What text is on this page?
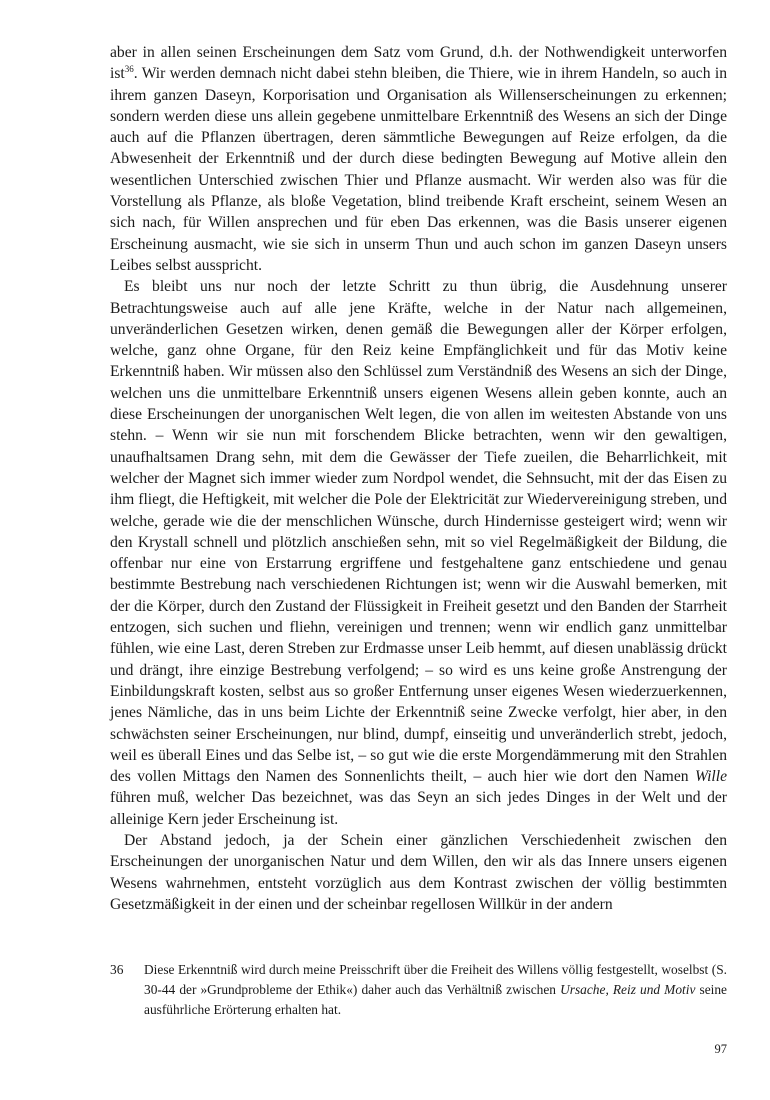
aber in allen seinen Erscheinungen dem Satz vom Grund, d.h. der Nothwendigkeit unterworfen ist$^{36}$. Wir werden demnach nicht dabei stehn bleiben, die Thiere, wie in ihrem Handeln, so auch in ihrem ganzen Daseyn, Korporisation und Organisation als Willenserscheinungen zu erkennen; sondern werden diese uns allein gegebene unmittelbare Erkenntniß des Wesens an sich der Dinge auch auf die Pflanzen übertragen, deren sämmtliche Bewegungen auf Reize erfolgen, da die Abwesenheit der Erkenntniß und der durch diese bedingten Bewegung auf Motive allein den wesentlichen Unterschied zwischen Thier und Pflanze ausmacht. Wir werden also was für die Vorstellung als Pflanze, als bloße Vegetation, blind treibende Kraft erscheint, seinem Wesen an sich nach, für Willen ansprechen und für eben Das erkennen, was die Basis unserer eigenen Erscheinung ausmacht, wie sie sich in unserm Thun und auch schon im ganzen Daseyn unsers Leibes selbst ausspricht.

Es bleibt uns nur noch der letzte Schritt zu thun übrig, die Ausdehnung unserer Betrachtungsweise auch auf alle jene Kräfte, welche in der Natur nach allgemeinen, unveränderlichen Gesetzen wirken, denen gemäß die Bewegungen aller der Körper erfolgen, welche, ganz ohne Organe, für den Reiz keine Empfänglichkeit und für das Motiv keine Erkenntniß haben. Wir müssen also den Schlüssel zum Verständniß des Wesens an sich der Dinge, welchen uns die unmittelbare Erkenntniß unsers eigenen Wesens allein geben konnte, auch an diese Erscheinungen der unorganischen Welt legen, die von allen im weitesten Abstande von uns stehn. – Wenn wir sie nun mit forschendem Blicke betrachten, wenn wir den gewaltigen, unaufhaltsamen Drang sehn, mit dem die Gewässer der Tiefe zueilen, die Beharrlichkeit, mit welcher der Magnet sich immer wieder zum Nordpol wendet, die Sehnsucht, mit der das Eisen zu ihm fliegt, die Heftigkeit, mit welcher die Pole der Elektricität zur Wiedervereinigung streben, und welche, gerade wie die der menschlichen Wünsche, durch Hindernisse gesteigert wird; wenn wir den Krystall schnell und plötzlich anschießen sehn, mit so viel Regelmäßigkeit der Bildung, die offenbar nur eine von Erstarrung ergriffene und festgehaltene ganz entschiedene und genau bestimmte Bestrebung nach verschiedenen Richtungen ist; wenn wir die Auswahl bemerken, mit der die Körper, durch den Zustand der Flüssigkeit in Freiheit gesetzt und den Banden der Starrheit entzogen, sich suchen und fliehn, vereinigen und trennen; wenn wir endlich ganz unmittelbar fühlen, wie eine Last, deren Streben zur Erdmasse unser Leib hemmt, auf diesen unablässig drückt und drängt, ihre einzige Bestrebung verfolgend; – so wird es uns keine große Anstrengung der Einbildungskraft kosten, selbst aus so großer Entfernung unser eigenes Wesen wiederzuerkennen, jenes Nämliche, das in uns beim Lichte der Erkenntniß seine Zwecke verfolgt, hier aber, in den schwächsten seiner Erscheinungen, nur blind, dumpf, einseitig und unveränderlich strebt, jedoch, weil es überall Eines und das Selbe ist, – so gut wie die erste Morgendämmerung mit den Strahlen des vollen Mittags den Namen des Sonnenlichts theilt, – auch hier wie dort den Namen Wille führen muß, welcher Das bezeichnet, was das Seyn an sich jedes Dinges in der Welt und der alleinige Kern jeder Erscheinung ist.

Der Abstand jedoch, ja der Schein einer gänzlichen Verschiedenheit zwischen den Erscheinungen der unorganischen Natur und dem Willen, den wir als das Innere unsers eigenen Wesens wahrnehmen, entsteht vorzüglich aus dem Kontrast zwischen der völlig bestimmten Gesetzmäßigkeit in der einen und der scheinbar regellosen Willkür in der andern

36 Diese Erkenntniß wird durch meine Preisschrift über die Freiheit des Willens völlig festgestellt, woselbst (S. 30-44 der »Grundprobleme der Ethik«) daher auch das Verhältniß zwischen Ursache, Reiz und Motiv seine ausführliche Erörterung erhalten hat.
97
